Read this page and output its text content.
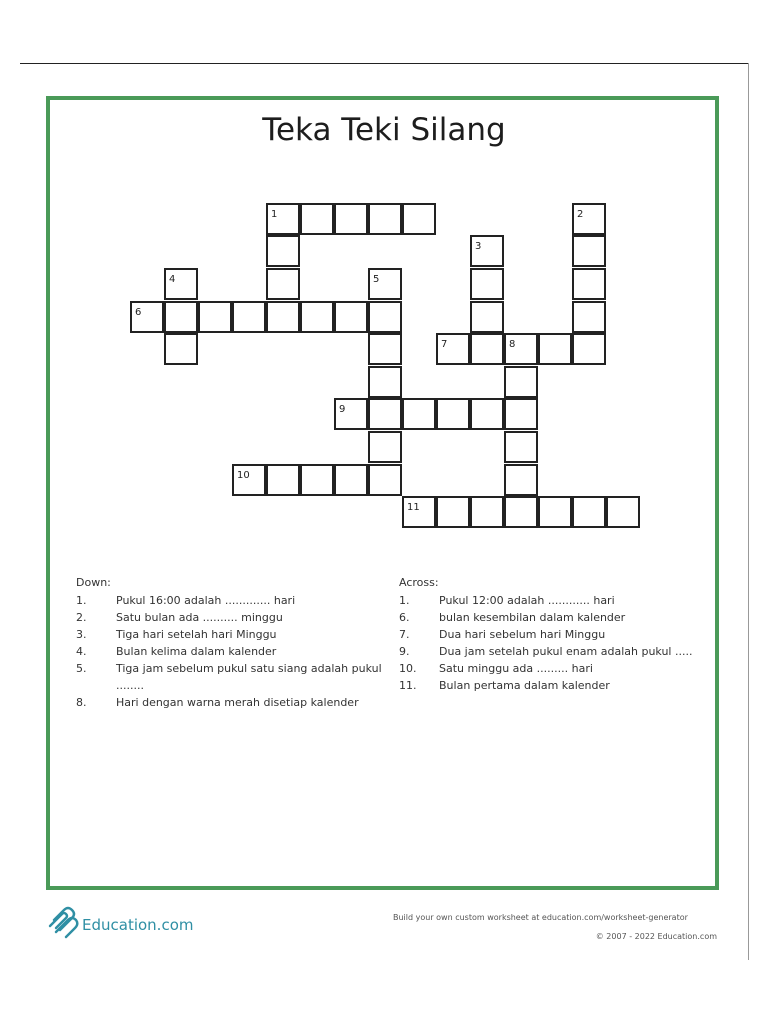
Teka Teki Silang
1
4
6
5
2
3
7	8
9
10
11
Down:
1.	Pukul 16:00 adalah ............. hari
2.	Satu bulan ada .......... minggu
3.	Tiga hari setelah hari Minggu
4.	Bulan kelima dalam kalender
5.	Tiga jam sebelum pukul satu siang adalah pukul ........
8.	Hari dengan warna merah disetiap kalender
Across:
1.	Pukul 12:00 adalah ............ hari
6.	bulan kesembilan dalam kalender
7.	Dua hari sebelum hari Minggu
9.	Dua jam setelah pukul enam adalah pukul .....
10.	Satu minggu ada ......... hari
11.	Bulan pertama dalam kalender
Education.com	Build your own custom worksheet at education.com/worksheet-generator
© 2007 - 2022 Education.com
